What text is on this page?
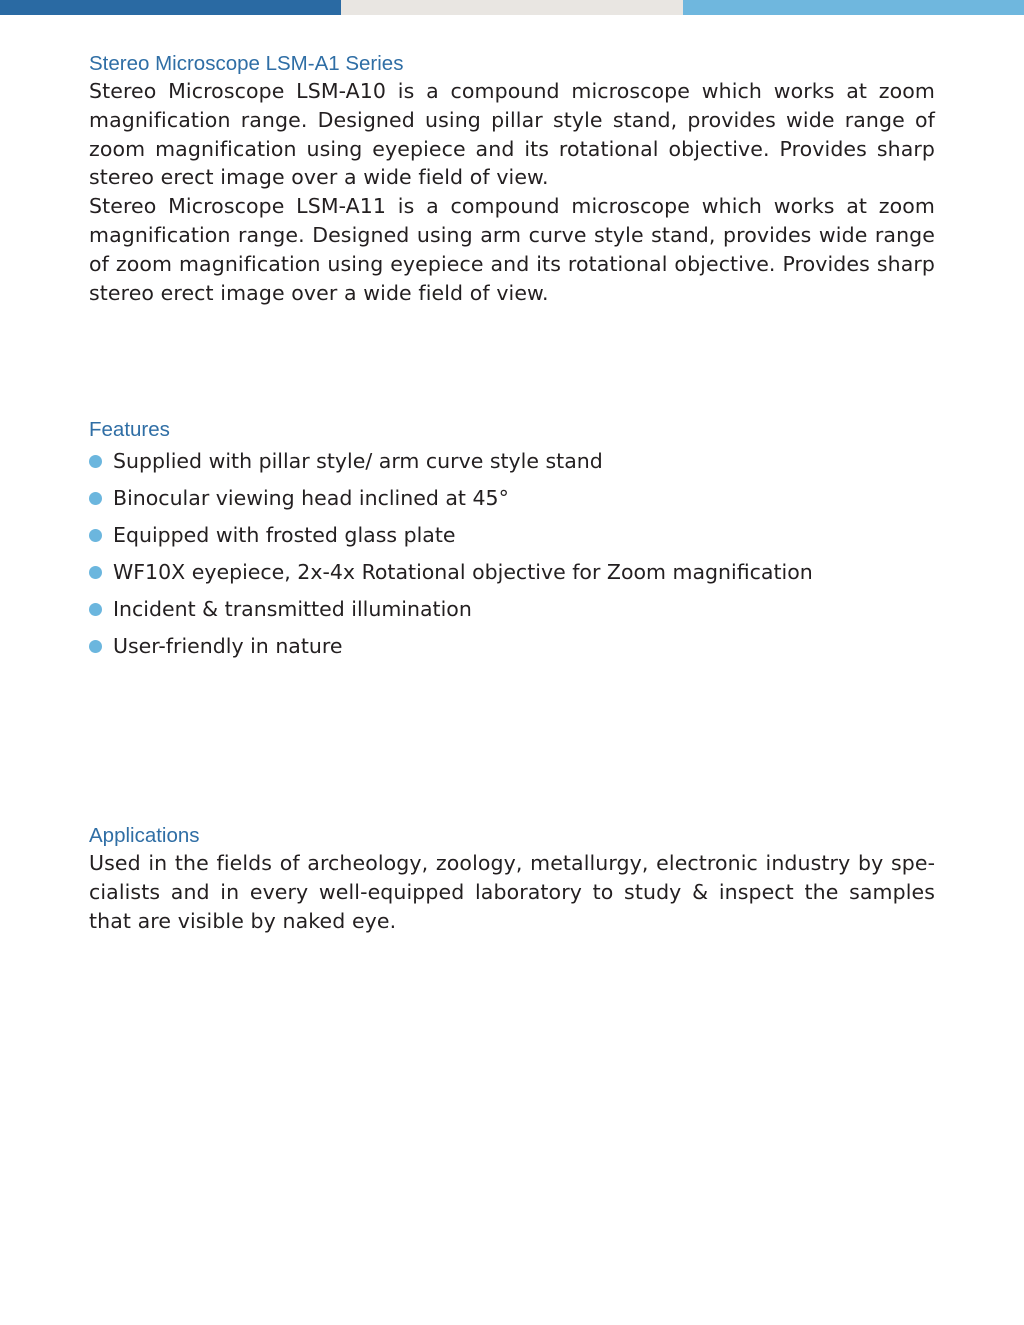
Stereo Microscope LSM-A1 Series

Stereo Microscope LSM-A10 is a compound microscope which works at zoom magnification range. Designed using pillar style stand, provides wide range of zoom magnification using eyepiece and its rotational objective. Provides sharp stereo erect image over a wide field of view.

Stereo Microscope LSM-A11 is a compound microscope which works at zoom magnification range. Designed using arm curve style stand, provides wide range of zoom magnification using eyepiece and its rotational objective. Provides sharp stereo erect image over a wide field of view.

Features
Supplied with pillar style/ arm curve style stand
Binocular viewing head inclined at 45°
Equipped with frosted glass plate
WF10X eyepiece, 2x-4x Rotational objective for Zoom magnification
Incident & transmitted illumination
User-friendly in nature
Applications

Used in the fields of archeology, zoology, metallurgy, electronic industry by specialists and in every well-equipped laboratory to study & inspect the samples that are visible by naked eye.
